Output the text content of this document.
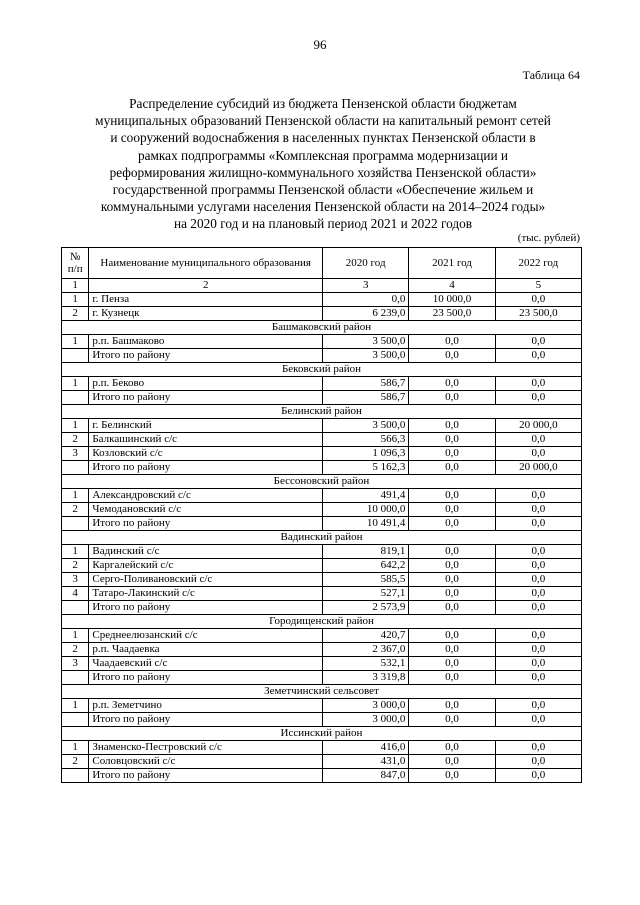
96
Таблица 64
Распределение субсидий из бюджета Пензенской области бюджетам
муниципальных образований Пензенской области на капитальный ремонт сетей
и сооружений водоснабжения в населенных пунктах Пензенской области в
рамках подпрограммы «Комплексная программа модернизации и
реформирования жилищно-коммунального хозяйства Пензенской области»
государственной программы Пензенской области «Обеспечение жильем и
коммунальными услугами населения Пензенской области на 2014–2024 годы»
на 2020 год и на плановый период 2021 и 2022 годов
(тыс. рублей)
№ п/п	Наименование муниципального образования	2020 год	2021 год	2022 год
1	2	3	4	5
1	г. Пенза	0,0	10 000,0	0,0
2	г. Кузнецк	6 239,0	23 500,0	23 500,0
Башмаковский район				
1	р.п. Башмаково	3 500,0	0,0	0,0
	Итого по району	3 500,0	0,0	0,0
Бековский район				
1	р.п. Беково	586,7	0,0	0,0
	Итого по району	586,7	0,0	0,0
Белинский район				
1	г. Белинский	3 500,0	0,0	20 000,0
2	Балкашинский с/с	566,3	0,0	0,0
3	Козловский с/с	1 096,3	0,0	0,0
	Итого по району	5 162,3	0,0	20 000,0
Бессоновский район				
1	Александровский с/с	491,4	0,0	0,0
2	Чемодановский с/с	10 000,0	0,0	0,0
	Итого по району	10 491,4	0,0	0,0
Вадинский район				
1	Вадинский с/с	819,1	0,0	0,0
2	Каргалейский с/с	642,2	0,0	0,0
3	Серго-Поливановский с/с	585,5	0,0	0,0
4	Татаро-Лакинский с/с	527,1	0,0	0,0
	Итого по району	2 573,9	0,0	0,0
Городищенский район				
1	Среднеелюзанский с/с	420,7	0,0	0,0
2	р.п. Чаадаевка	2 367,0	0,0	0,0
3	Чаадаевский с/с	532,1	0,0	0,0
	Итого по району	3 319,8	0,0	0,0
Земетчинский сельсовет				
1	р.п. Земетчино	3 000,0	0,0	0,0
	Итого по району	3 000,0	0,0	0,0
Иссинский район				
1	Знаменско-Пестровский с/с	416,0	0,0	0,0
2	Соловцовский с/с	431,0	0,0	0,0
	Итого по району	847,0	0,0	0,0
